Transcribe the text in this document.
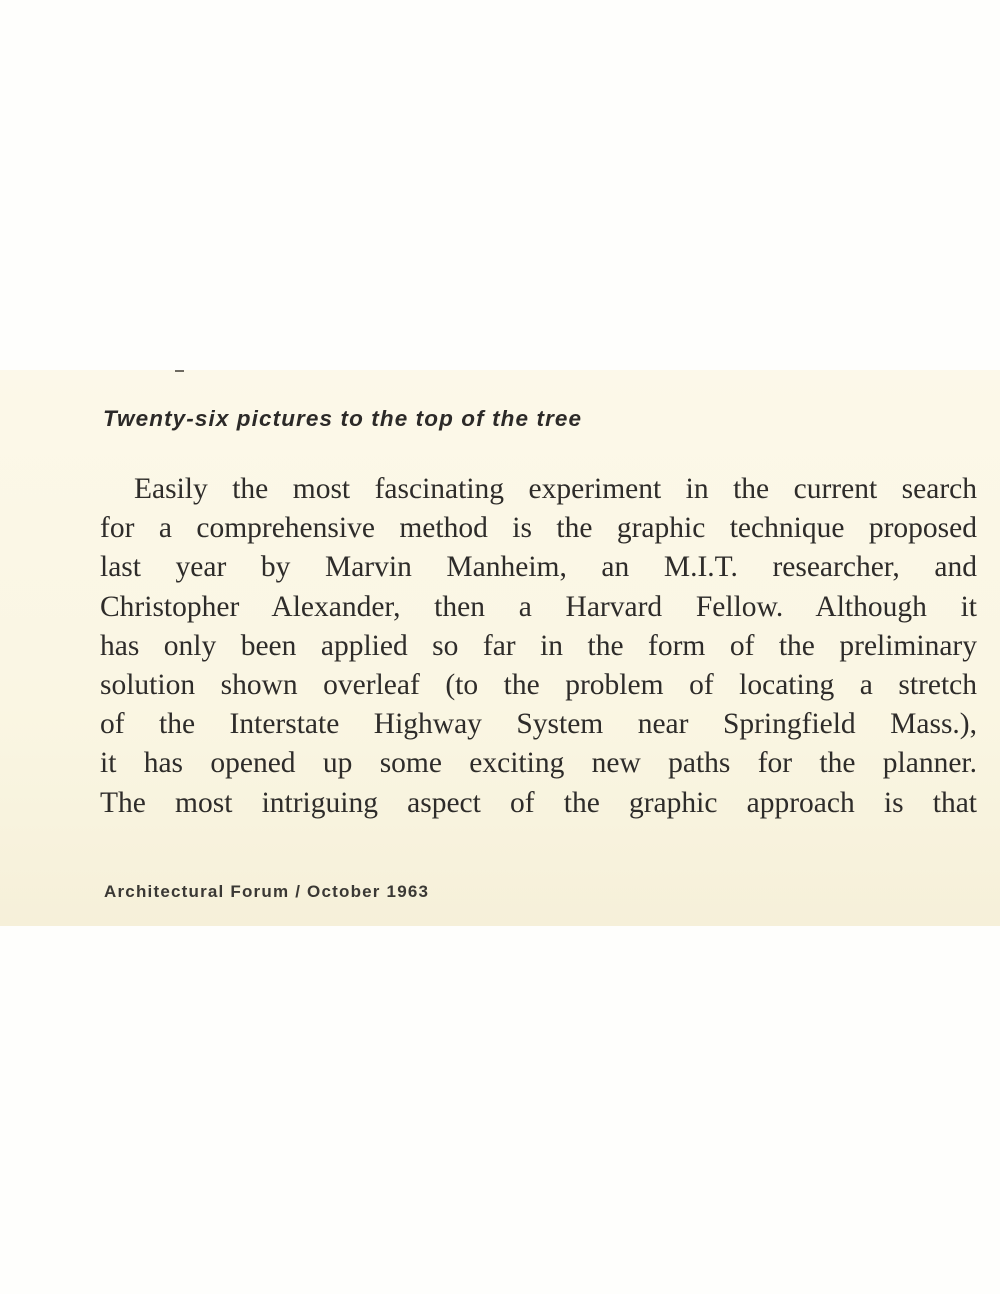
Twenty-six pictures to the top of the tree

Easily the most fascinating experiment in the current search
for a comprehensive method is the graphic technique proposed
last year by Marvin Manheim, an M.I.T. researcher, and
Christopher Alexander, then a Harvard Fellow. Although it
has only been applied so far in the form of the preliminary
solution shown overleaf (to the problem of locating a stretch
of the Interstate Highway System near Springfield Mass.),
it has opened up some exciting new paths for the planner.
The most intriguing aspect of the graphic approach is that

Architectural Forum / October 1963
